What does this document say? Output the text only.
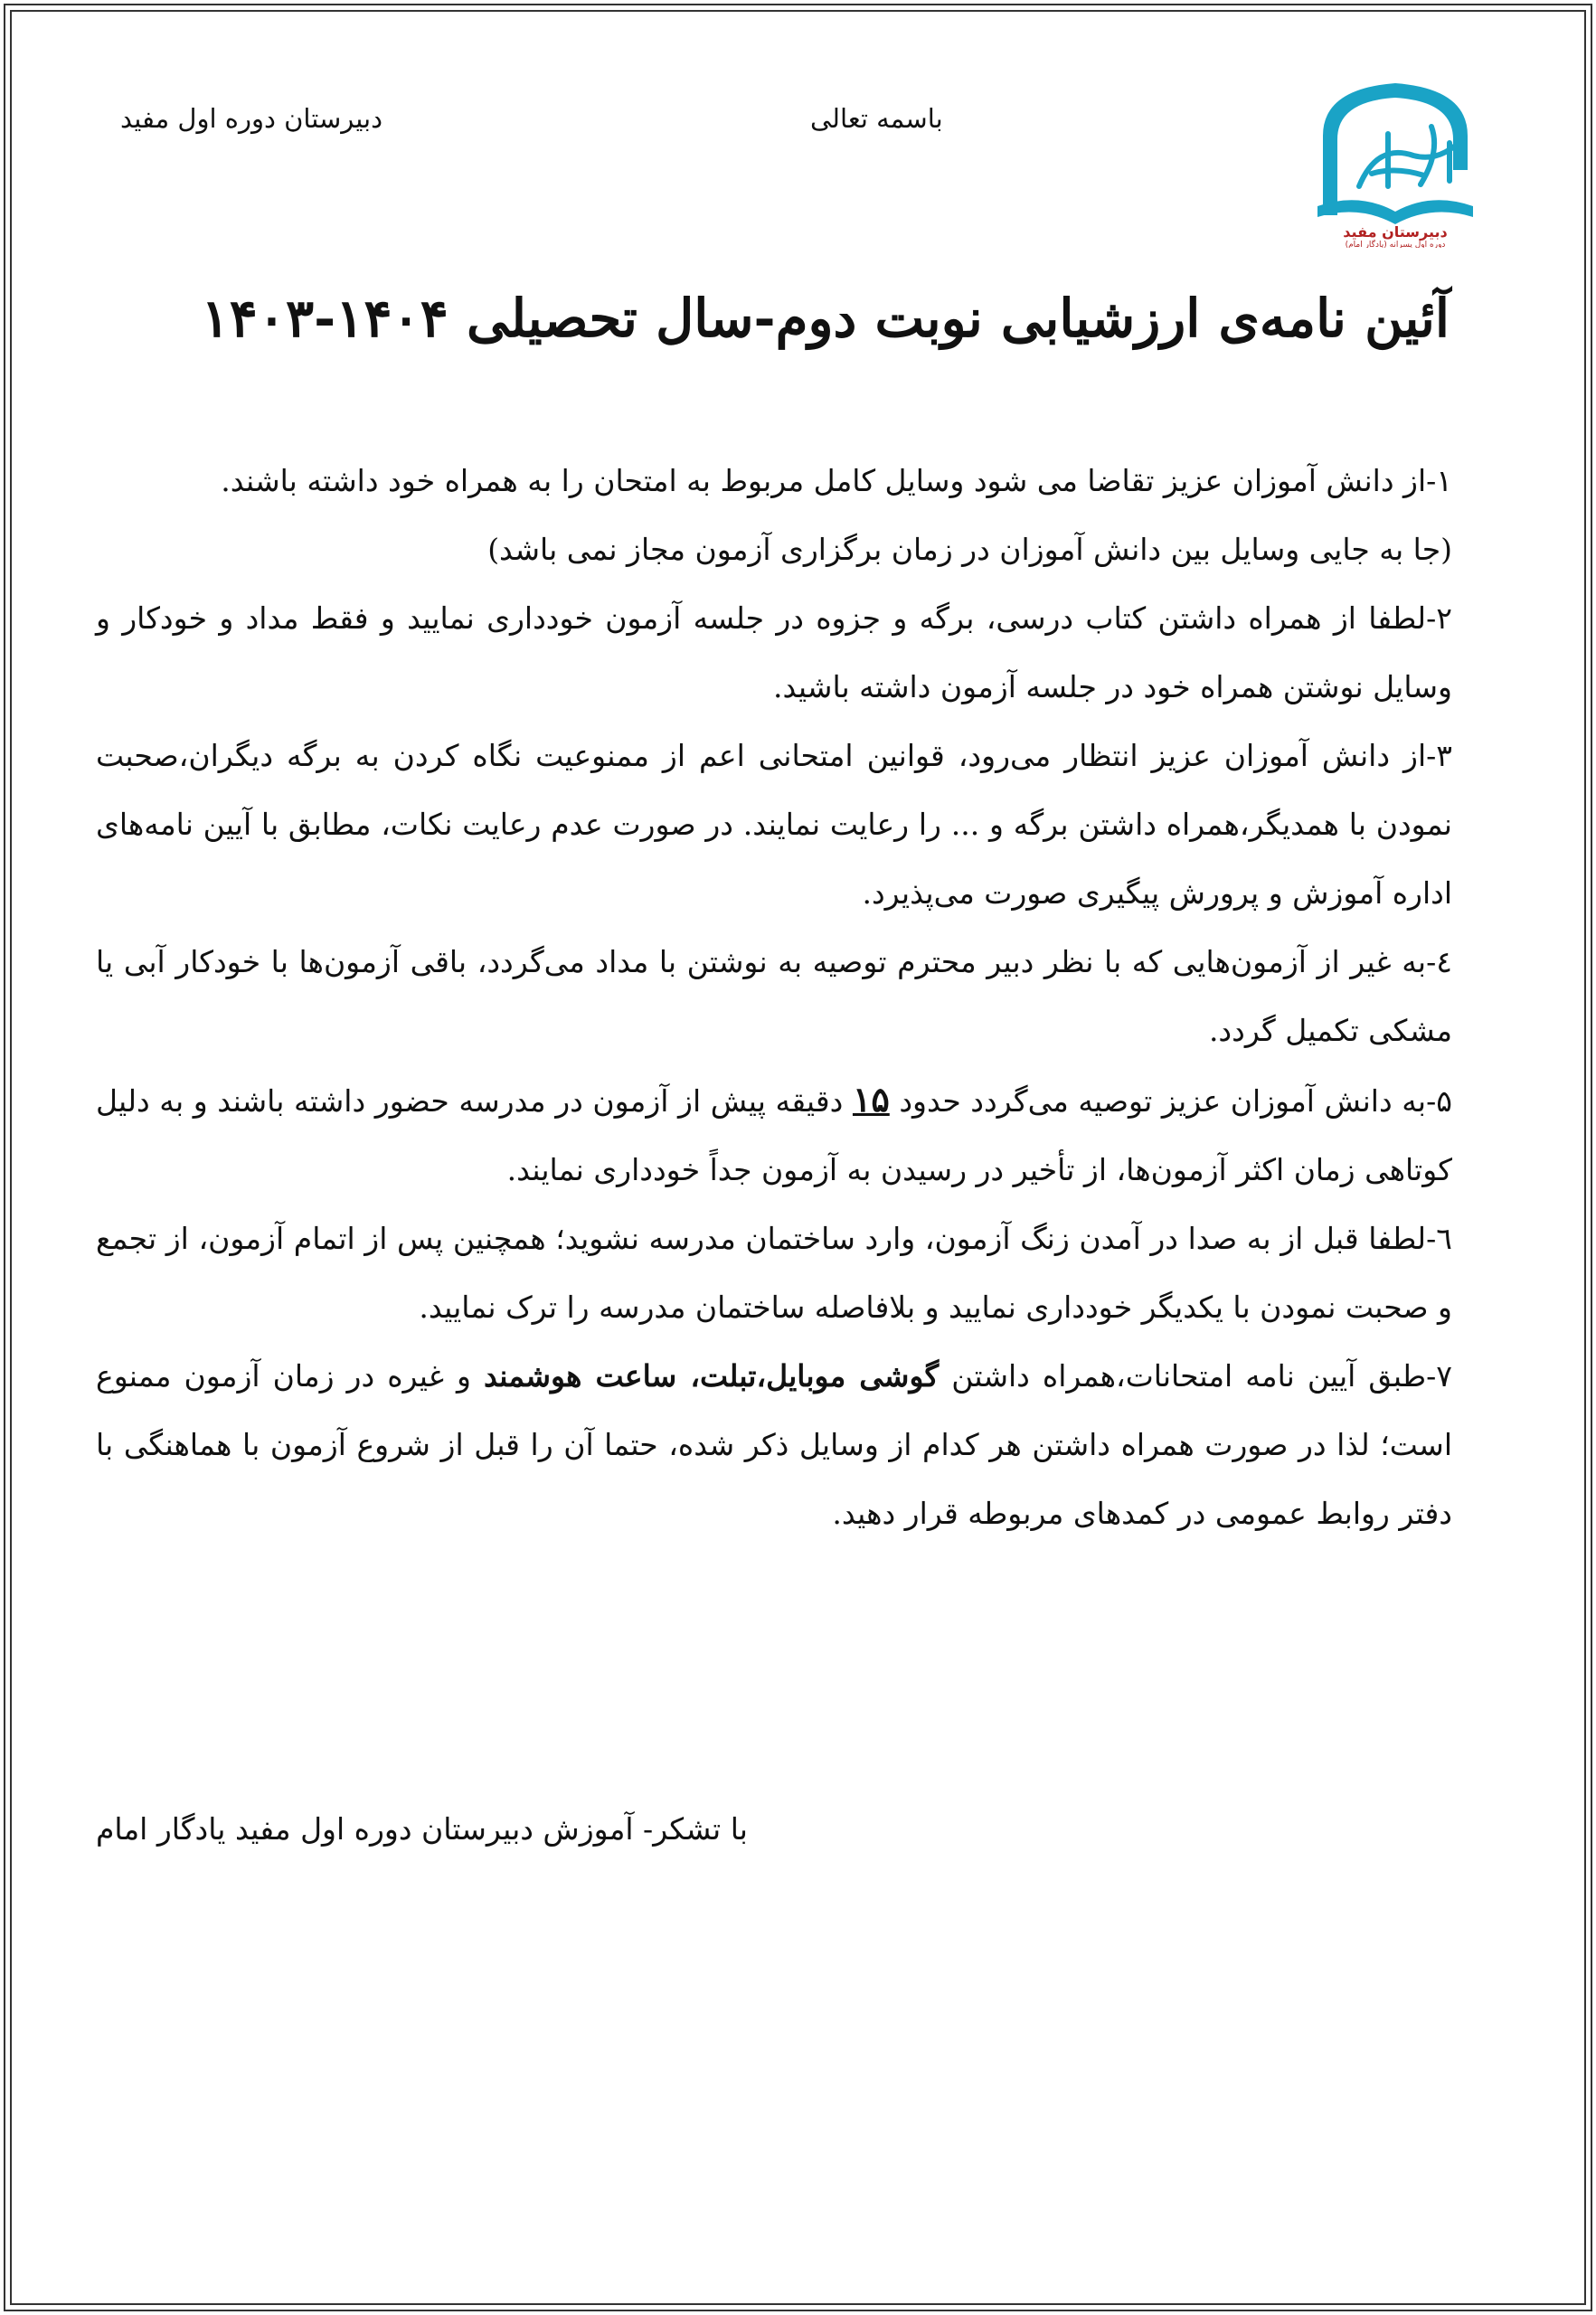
دبیرستان دوره اول مفید	باسمه تعالی
دبیرستان مفید
دوره اول پسرانه (یادگار امام)
آئین نامه‌ی ارزشیابی نوبت دوم-سال تحصیلی ۱۴۰۴-۱۴۰۳

۱-از دانش آموزان عزیز تقاضا می شود وسایل کامل مربوط به امتحان را به همراه خود داشته باشند.
(جا به جایی وسایل بین دانش آموزان در زمان برگزاری آزمون مجاز نمی باشد)

۲-لطفا از همراه داشتن کتاب درسی، برگه و جزوه در جلسه آزمون خودداری نمایید و فقط مداد و خودکار و وسایل نوشتن همراه خود در جلسه آزمون داشته باشید.

۳-از دانش آموزان عزیز انتظار می‌رود، قوانین امتحانی اعم از ممنوعیت نگاه کردن به برگه دیگران،صحبت نمودن با همدیگر،همراه داشتن برگه و ... را رعایت نمایند. در صورت عدم رعایت نکات، مطابق با آیین نامه‌های اداره آموزش و پرورش پیگیری صورت می‌پذیرد.

٤-به غیر از آزمون‌هایی که با نظر دبیر محترم توصیه به نوشتن با مداد می‌گردد، باقی آزمون‌ها با خودکار آبی یا مشکی تکمیل گردد.

۵-به دانش آموزان عزیز توصیه می‌گردد حدود ۱۵ دقیقه پیش از آزمون در مدرسه حضور داشته باشند و به دلیل کوتاهی زمان اکثر آزمون‌ها، از تأخیر در رسیدن به آزمون جداً خودداری نمایند.

٦-لطفا قبل از به صدا در آمدن زنگ آزمون، وارد ساختمان مدرسه نشوید؛ همچنین پس از اتمام آزمون، از تجمع و صحبت نمودن با یکدیگر خودداری نمایید و بلافاصله ساختمان مدرسه را ترک نمایید.

۷-طبق آیین نامه امتحانات،همراه داشتن گوشی موبایل،تبلت، ساعت هوشمند و غیره در زمان آزمون ممنوع است؛ لذا در صورت همراه داشتن هر کدام از وسایل ذکر شده، حتما آن را قبل از شروع آزمون با هماهنگی با دفتر روابط عمومی در کمدهای مربوطه قرار دهید.

با تشکر- آموزش دبیرستان دوره اول مفید یادگار امام
